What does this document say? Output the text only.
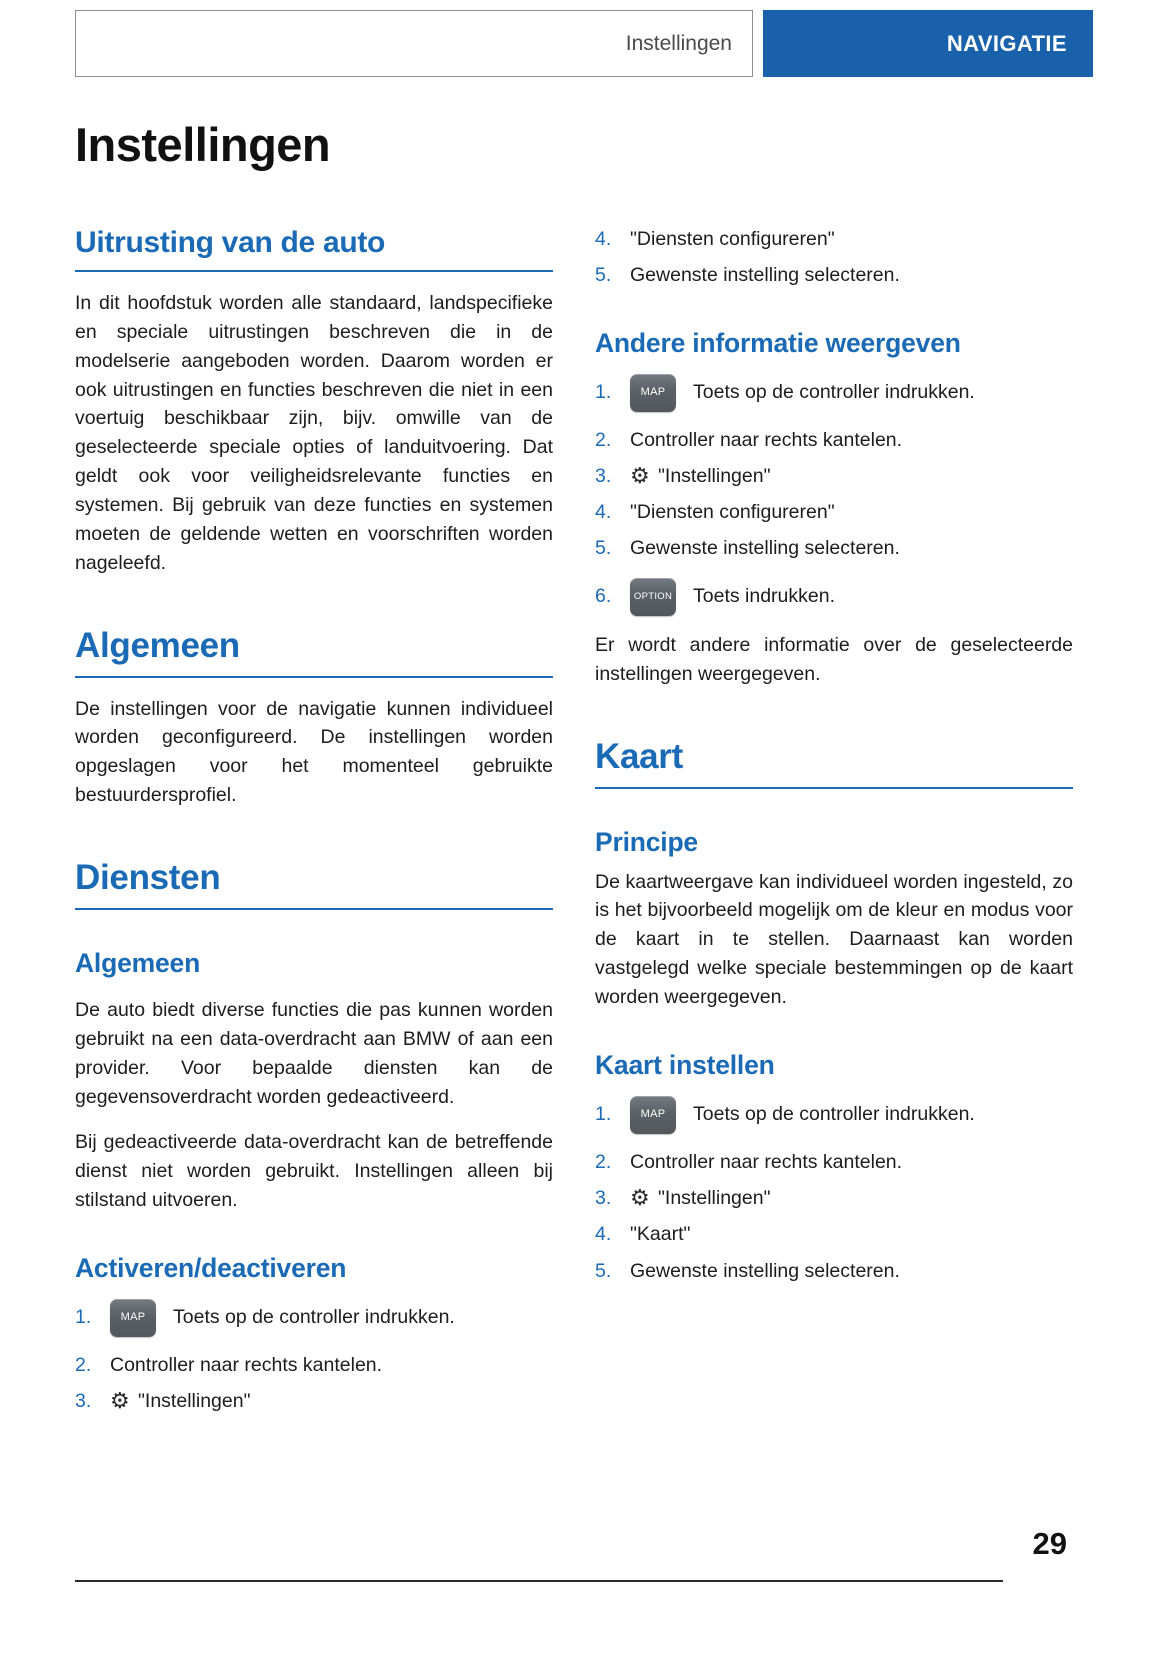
Instellingen	NAVIGATIE
Instellingen
Uitrusting van de auto

In dit hoofdstuk worden alle standaard, landspecifieke en speciale uitrustingen beschreven die in de modelserie aangeboden worden. Daarom worden er ook uitrustingen en functies beschreven die niet in een voertuig beschikbaar zijn, bijv. omwille van de geselecteerde speciale opties of landuitvoering. Dat geldt ook voor veiligheidsrelevante functies en systemen. Bij gebruik van deze functies en systemen moeten de geldende wetten en voorschriften worden nageleefd.

Algemeen

De instellingen voor de navigatie kunnen individueel worden geconfigureerd. De instellingen worden opgeslagen voor het momenteel gebruikte bestuurdersprofiel.

Diensten
Algemeen

De auto biedt diverse functies die pas kunnen worden gebruikt na een data-overdracht aan BMW of aan een provider. Voor bepaalde diensten kan de gegevensoverdracht worden gedeactiveerd.

Bij gedeactiveerde data-overdracht kan de betreffende dienst niet worden gebruikt. Instellingen alleen bij stilstand uitvoeren.

Activeren/deactiveren
1.	MAP	Toets op de controller indrukken.
2. Controller naar rechts kantelen.
3. ⚙ "Instellingen"
4. "Diensten configureren"
5. Gewenste instelling selecteren.
Andere informatie weergeven
1.	MAP	Toets op de controller indrukken.
2. Controller naar rechts kantelen.
3. ⚙ "Instellingen"
4. "Diensten configureren"
5. Gewenste instelling selecteren.
6.	OPTION Toets indrukken.

Er wordt andere informatie over de geselecteerde instellingen weergegeven.

Kaart
Principe

De kaartweergave kan individueel worden ingesteld, zo is het bijvoorbeeld mogelijk om de kleur en modus voor de kaart in te stellen. Daarnaast kan worden vastgelegd welke speciale bestemmingen op de kaart worden weergegeven.

Kaart instellen
1.	MAP	Toets op de controller indrukken.
2. Controller naar rechts kantelen.
3. ⚙ "Instellingen"
4. "Kaart"
5. Gewenste instelling selecteren.
29
